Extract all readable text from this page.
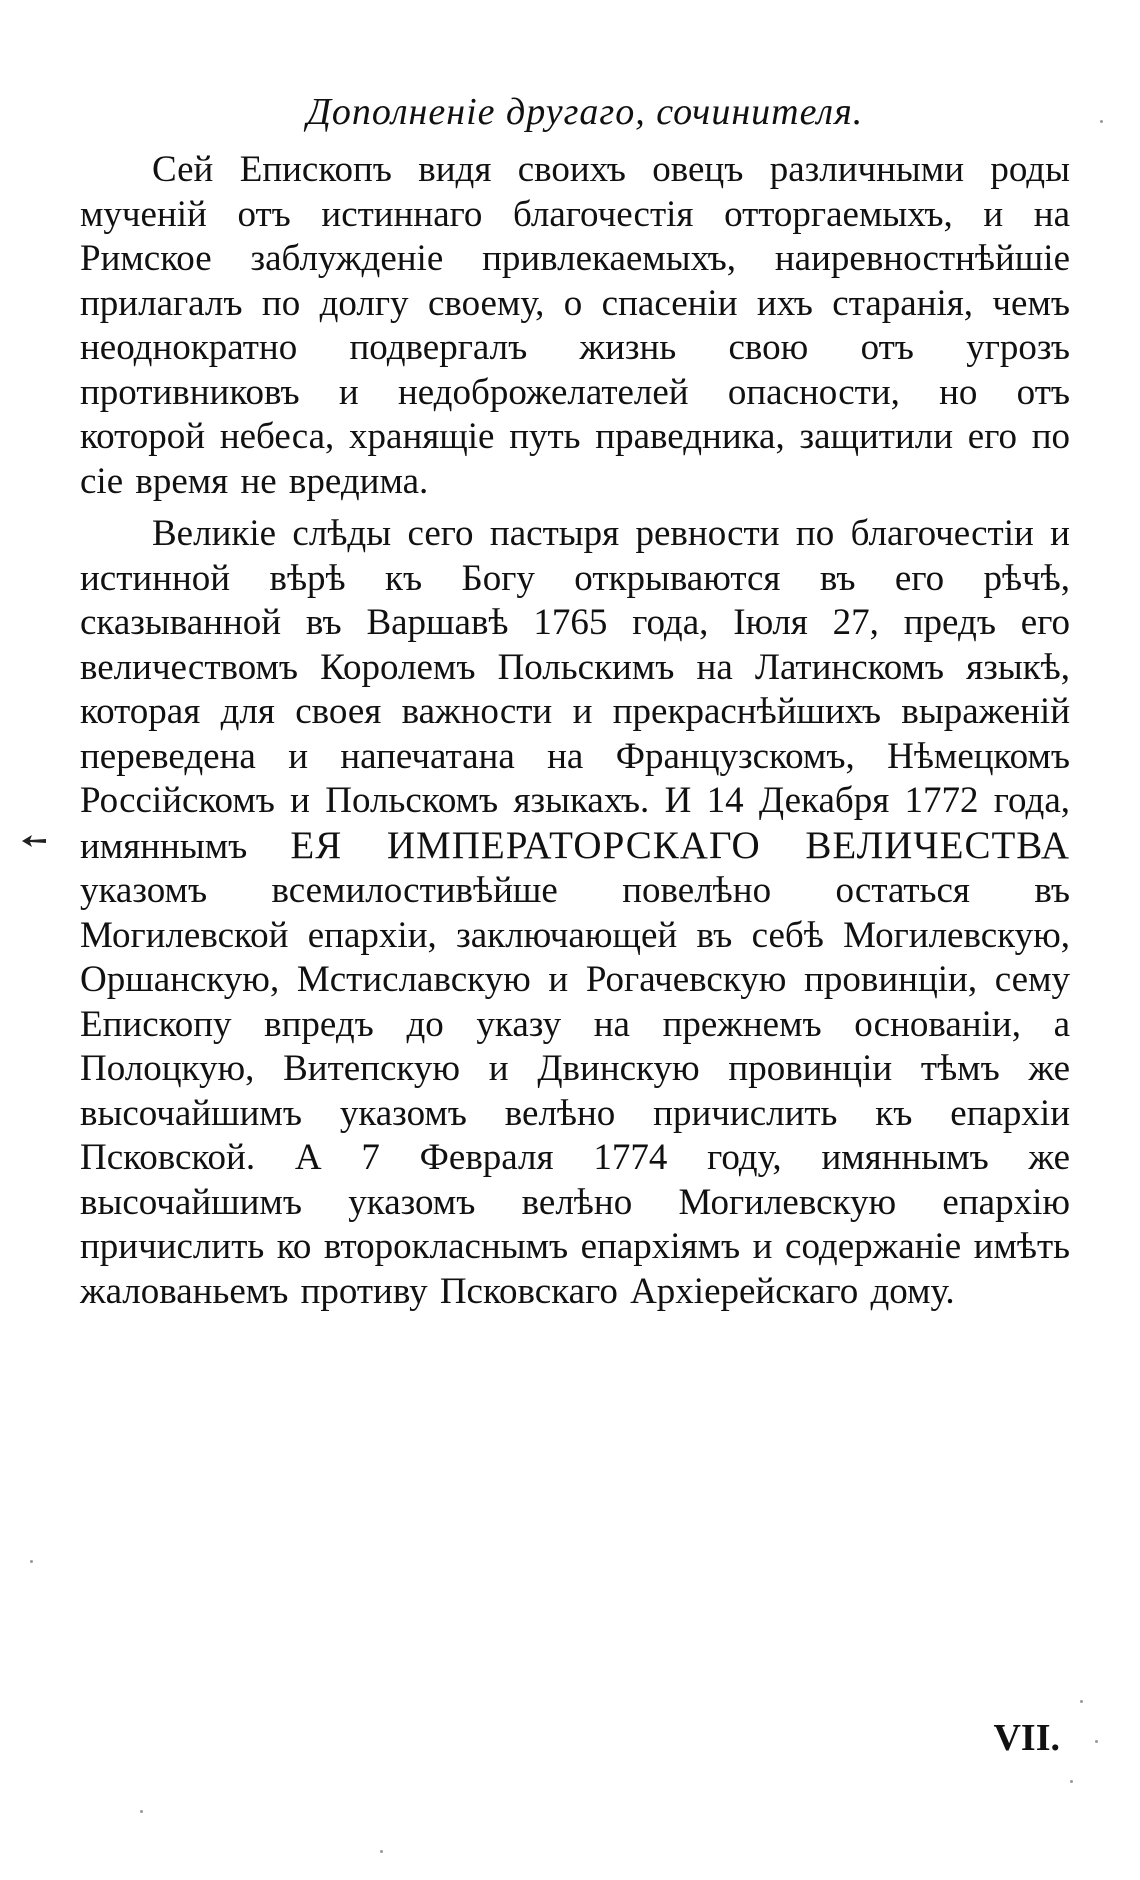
Дополненіе другаго, сочинителя.

Сей Епископъ видя своихъ овецъ различными роды мученій отъ истиннаго благочестія отторгаемыхъ, и на Римское заблужденіе привлекаемыхъ, наиревностнѣйшіе прилагалъ по долгу своему, о спасеніи ихъ старанія, чемъ неоднократно подвергалъ жизнь свою отъ угрозъ противниковъ и недоброжелателей опасности, но отъ которой небеса, хранящіе путь праведника, защитили его по сіе время не вредима.

Великіе слѣды сего пастыря ревности по благочестіи и истинной вѣрѣ къ Богу открываются въ его рѣчѣ, сказыванной въ Варшавѣ 1765 года, Іюля 27, предъ его величествомъ Королемъ Польскимъ на Латинскомъ языкѣ, которая для своея важности и прекраснѣйшихъ выраженій переведена и напечатана на Французскомъ, Нѣмецкомъ Россійскомъ и Польскомъ языкахъ. И 14 Декабря 1772 года, имяннымъ ЕЯ ИМПЕРАТОРСКАГО ВЕЛИЧЕСТВА указомъ всемилостивѣйше повелѣно остаться въ Могилевской епархіи, заключающей въ себѣ Могилевскую, Оршанскую, Мстиславскую и Рогачевскую провинціи, сему Епископу впредъ до указу на прежнемъ основаніи, а Полоцкую, Витепскую и Двинскую провинціи тѣмъ же высочайшимъ указомъ велѣно причислить къ епархіи Псковской. А 7 Февраля 1774 году, имяннымъ же высочайшимъ указомъ велѣно Могилевскую епархію причислить ко второкласнымъ епархіямъ и содержаніе имѣть жалованьемъ противу Псковскаго Архіерейскаго дому.

VII.
